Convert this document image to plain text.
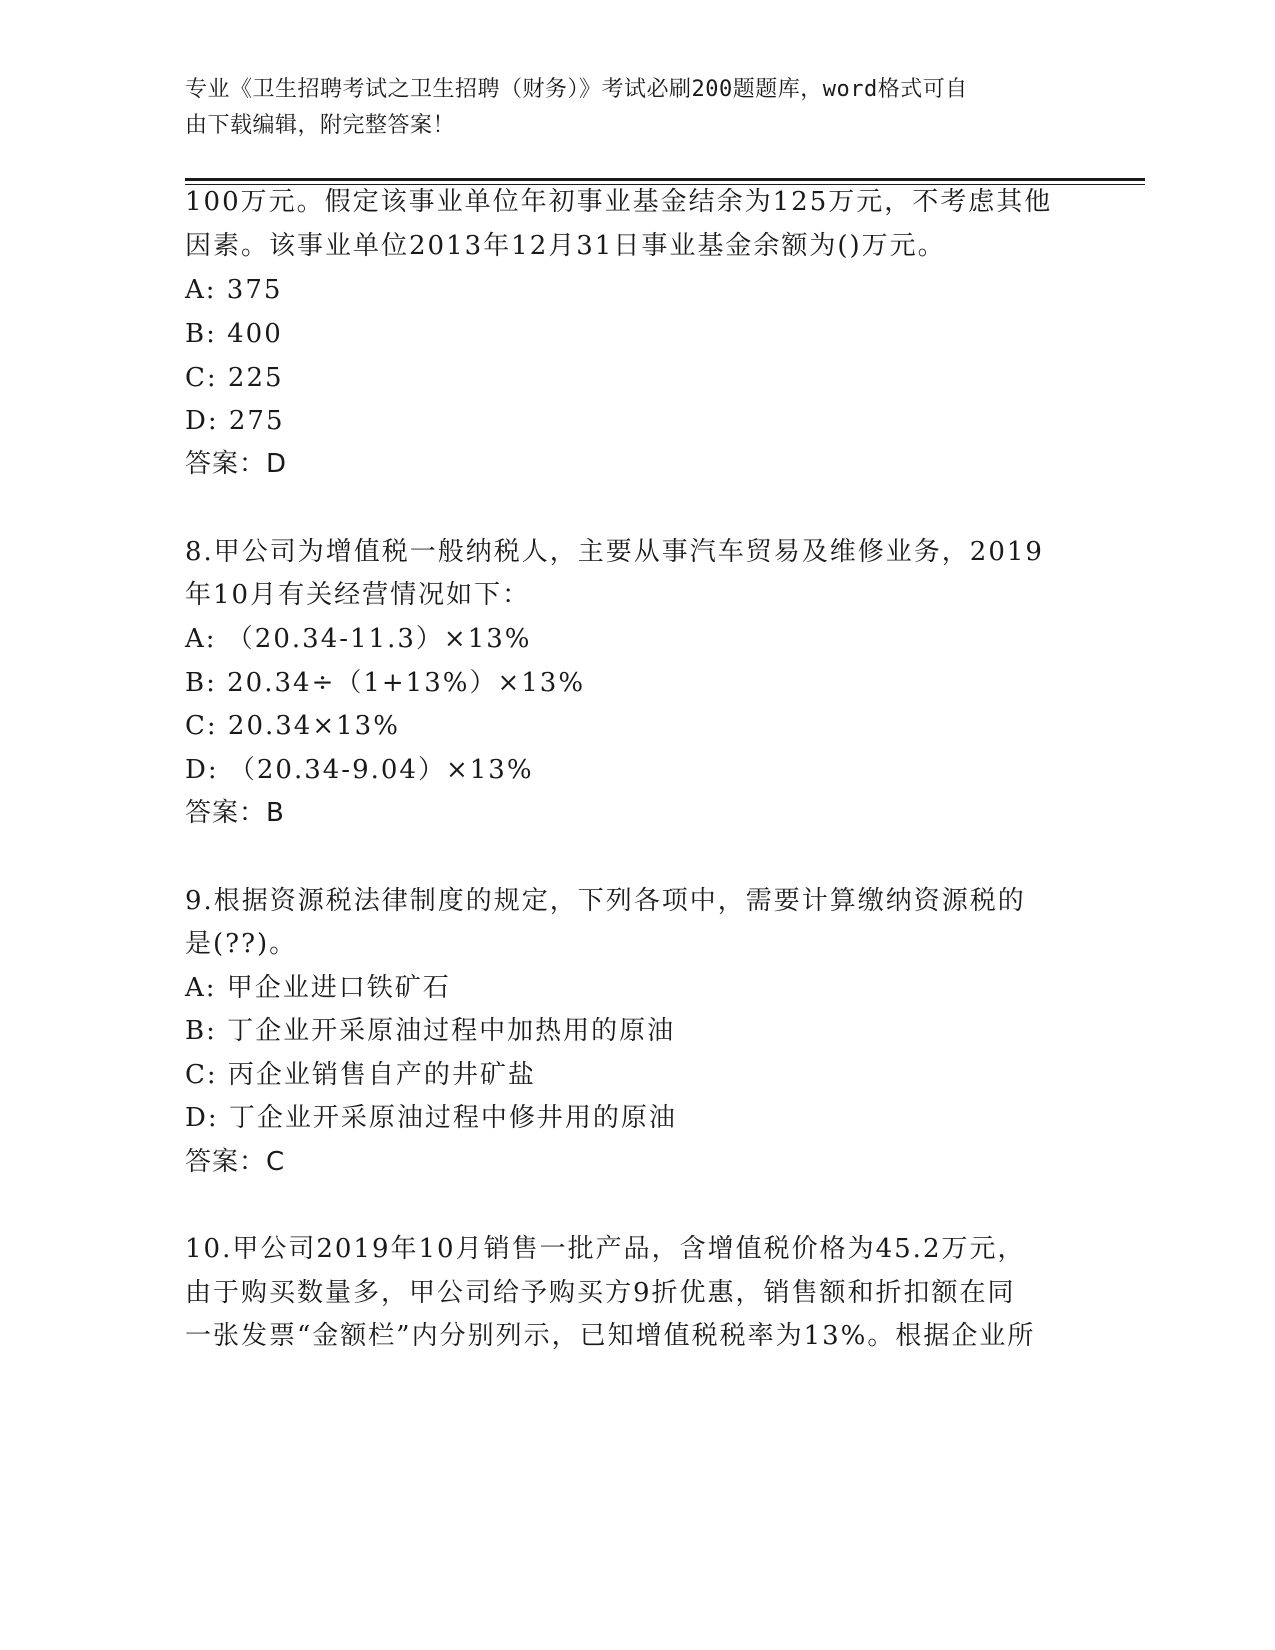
专业《卫生招聘考试之卫生招聘（财务）》考试必刷200题题库，word格式可自
由下载编辑，附完整答案！
100万元。假定该事业单位年初事业基金结余为125万元，不考虑其他
因素。该事业单位2013年12月31日事业基金余额为()万元。
A: 375
B: 400
C: 225
D: 275
答案：D
8.甲公司为增值税一般纳税人，主要从事汽车贸易及维修业务，2019
年10月有关经营情况如下：
A: （20.34-11.3）×13%
B: 20.34÷（1+13%）×13%
C: 20.34×13%
D: （20.34-9.04）×13%
答案：B
9.根据资源税法律制度的规定，下列各项中，需要计算缴纳资源税的
是(??)。
A: 甲企业进口铁矿石
B: 丁企业开采原油过程中加热用的原油
C: 丙企业销售自产的井矿盐
D: 丁企业开采原油过程中修井用的原油
答案：C
10.甲公司2019年10月销售一批产品，含增值税价格为45.2万元，
由于购买数量多，甲公司给予购买方9折优惠，销售额和折扣额在同
一张发票“金额栏”内分别列示，已知增值税税率为13%。根据企业所
